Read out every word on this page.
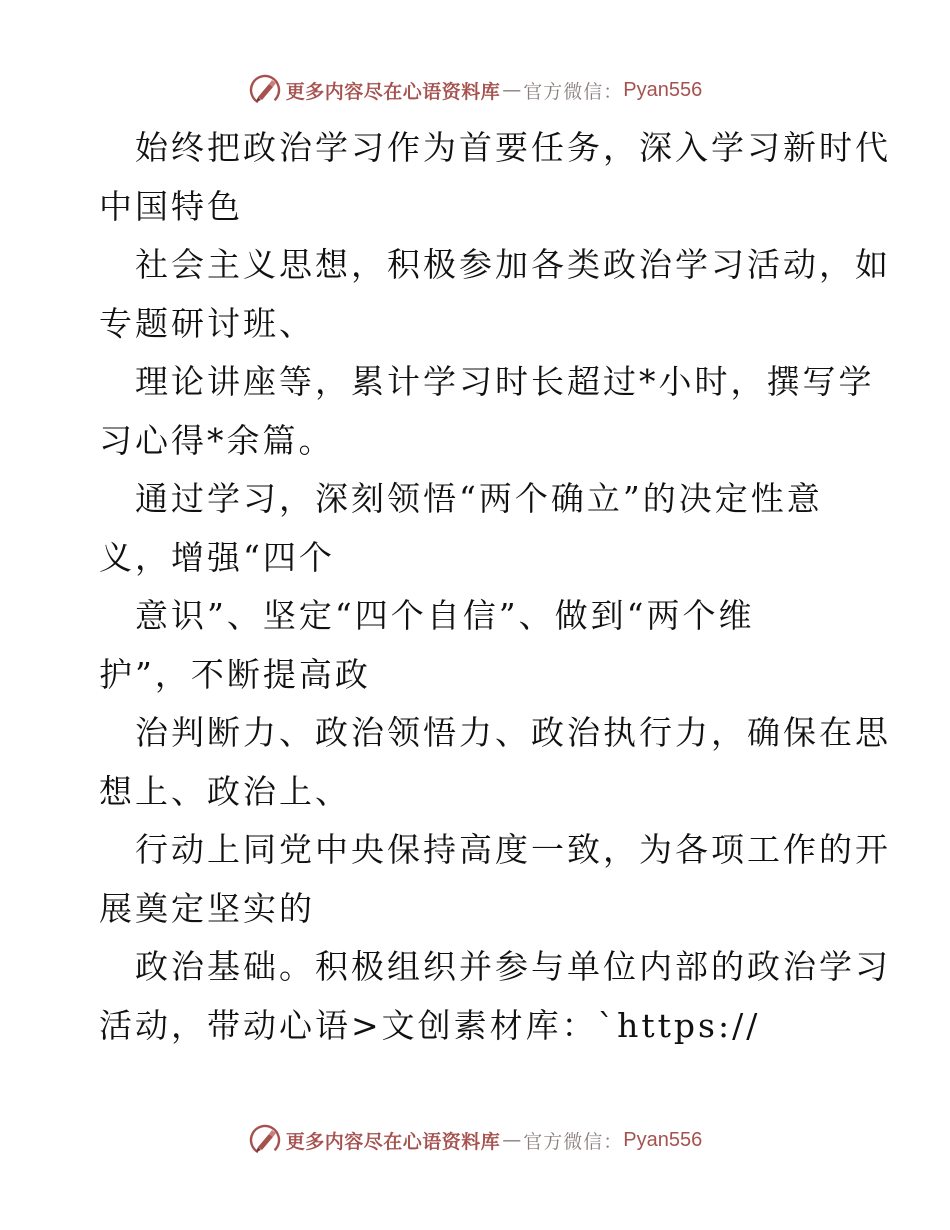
更多内容尽在心语资料库 — 官方微信： Pyan556
始终把政治学习作为首要任务，深入学习新时代
中国特色
社会主义思想，积极参加各类政治学习活动，如
专题研讨班、
理论讲座等，累计学习时长超过*小时，撰写学
习心得*余篇。
通过学习，深刻领悟“两个确立”的决定性意
义，增强“四个
意识”、坚定“四个自信”、做到“两个维
护”，不断提高政
治判断力、政治领悟力、政治执行力，确保在思
想上、政治上、
行动上同党中央保持高度一致，为各项工作的开
展奠定坚实的
政治基础。积极组织并参与单位内部的政治学习
活动，带动心语>文创素材库：`https://
更多内容尽在心语资料库 — 官方微信： Pyan556
